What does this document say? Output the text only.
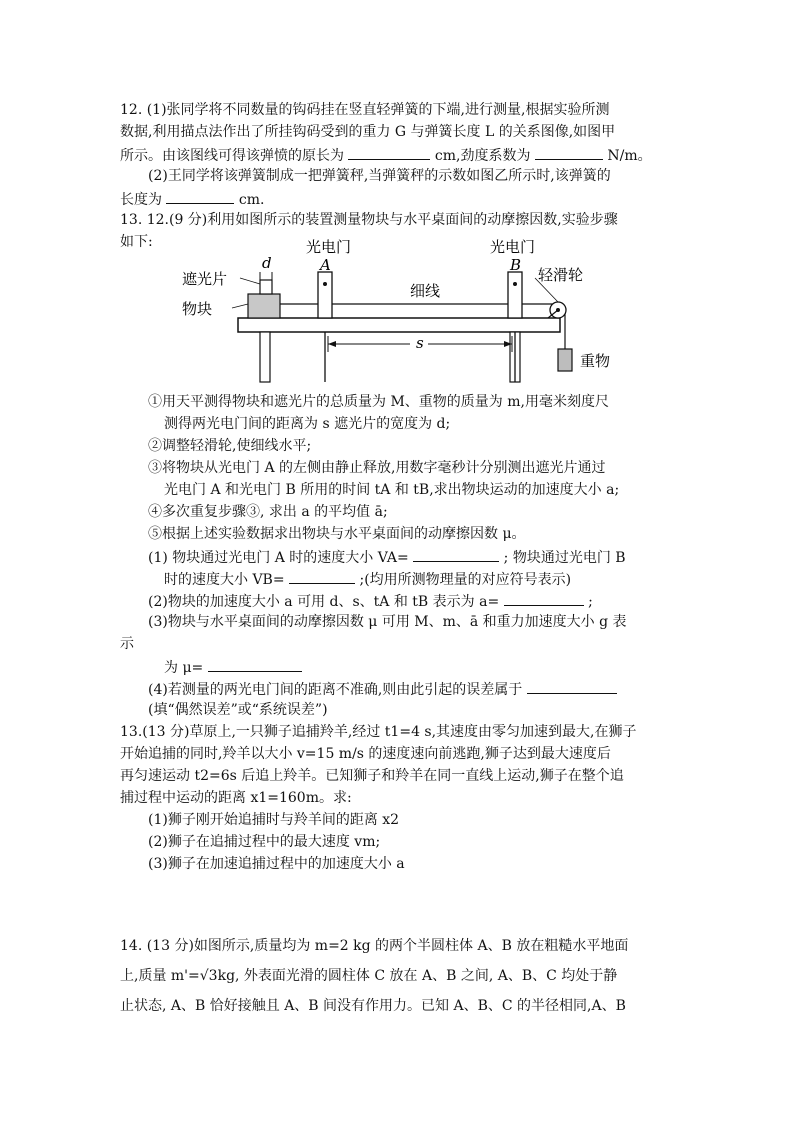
12. (1)张同学将不同数量的钩码挂在竖直轻弹簧的下端,进行测量,根据实验所测
数据,利用描点法作出了所挂钩码受到的重力 G 与弹簧长度 L 的关系图像,如图甲
所示。由该图线可得该弹愤的原长为	cm,劲度系数为	N/m。
(2)王同学将该弹簧制成一把弹簧秤,当弹簧秤的示数如图乙所示时,该弹簧的
长度为	cm.
13. 12.(9 分)利用如图所示的装置测量物块与水平桌面间的动摩擦因数,实验步骤
如下:	光电门
A
光电门
B
d
遮光片
物块
细线
轻滑轮
重物
s
①用天平测得物块和遮光片的总质量为 M、重物的质量为 m,用毫米刻度尺
测得两光电门间的距离为 s 遮光片的宽度为 d;
②调整轻滑轮,使细线水平;
③将物块从光电门 A 的左侧由静止释放,用数字毫秒计分别测出遮光片通过
光电门 A 和光电门 B 所用的时间 tA 和 tB,求出物块运动的加速度大小 a;
④多次重复步骤③, 求出 a 的平均值 ā;
⑤根据上述实验数据求出物块与水平桌面间的动摩擦因数 μ。
(1) 物块通过光电门 A 时的速度大小 VA=	; 物块通过光电门 B
时的速度大小 VB=	;(均用所测物理量的对应符号表示)
(2)物块的加速度大小 a 可用 d、s、tA 和 tB 表示为 a=	;
(3)物块与水平桌面间的动摩擦因数 μ 可用 M、m、ā 和重力加速度大小 g 表
示
为 μ=
(4)若测量的两光电门间的距离不准确,则由此引起的误差属于
(填“偶然误差”或“系统误差”)
13.(13 分)草原上,一只狮子追捕羚羊,经过 t1=4 s,其速度由零匀加速到最大,在狮子
开始追捕的同时,羚羊以大小 v=15 m/s 的速度速向前逃跑,狮子达到最大速度后
再匀速运动 t2=6s 后追上羚羊。已知狮子和羚羊在同一直线上运动,狮子在整个追
捕过程中运动的距离 x1=160m。求:
(1)狮子刚开始追捕时与羚羊间的距离 x2
(2)狮子在追捕过程中的最大速度 vm;
(3)狮子在加速追捕过程中的加速度大小 a
14. (13 分)如图所示,质量均为 m=2 kg 的两个半圆柱体 A、B 放在粗糙水平地面
上,质量 m'=√3kg, 外表面光滑的圆柱体 C 放在 A、B 之间, A、B、C 均处于静
止状态, A、B 恰好接触且 A、B 间没有作用力。已知 A、B、C 的半径相同,A、B
